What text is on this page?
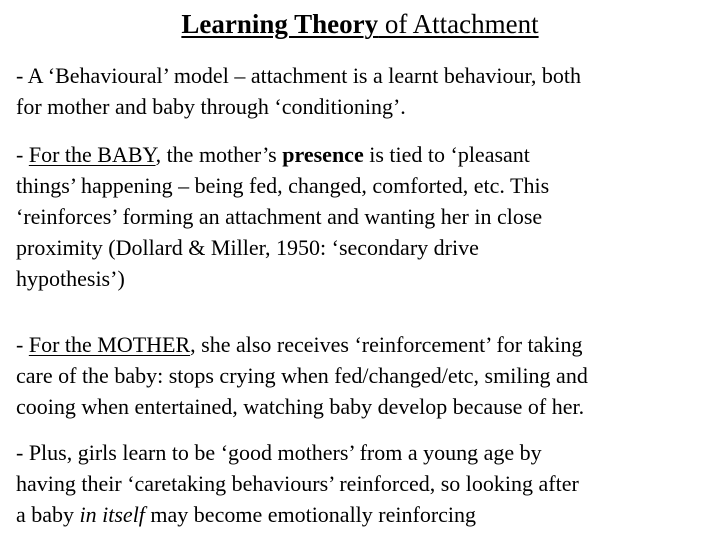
Learning Theory of Attachment
- A ‘Behavioural’ model – attachment is a learnt behaviour, both
for mother and baby through ‘conditioning’.
- For the BABY, the mother’s presence is tied to ‘pleasant
things’ happening – being fed, changed, comforted, etc. This
‘reinforces’ forming an attachment and wanting her in close
proximity (Dollard & Miller, 1950: ‘secondary drive
hypothesis’)
- For the MOTHER, she also receives ‘reinforcement’ for taking
care of the baby: stops crying when fed/changed/etc, smiling and
cooing when entertained, watching baby develop because of her.
- Plus, girls learn to be ‘good mothers’ from a young age by
having their ‘caretaking behaviours’ reinforced, so looking after
a baby in itself may become emotionally reinforcing
